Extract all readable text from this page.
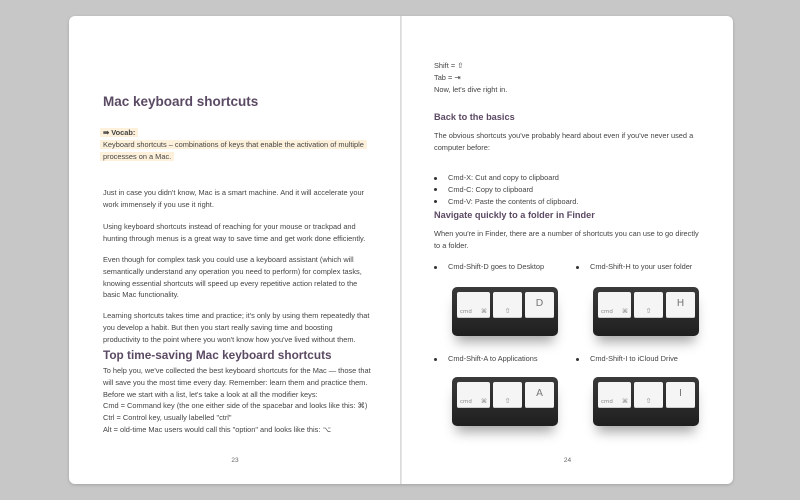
Mac keyboard shortcuts

⇛ Vocab:
Keyboard shortcuts – combinations of keys that enable the activation of multiple
processes on a Mac.
Just in case you didn't know, Mac is a smart machine. And it will accelerate your
work immensely if you use it right.
Using keyboard shortcuts instead of reaching for your mouse or trackpad and
hunting through menus is a great way to save time and get work done efficiently.
Even though for complex task you could use a keyboard assistant (which will
semantically understand any operation you need to perform) for complex tasks,
knowing essential shortcuts will speed up every repetitive action related to the
basic Mac functionality.
Learning shortcuts takes time and practice; it's only by using them repeatedly that
you develop a habit. But then you start really saving time and boosting
productivity to the point where you won't know how you've lived without them.

Top time-saving Mac keyboard shortcuts

To help you, we've collected the best keyboard shortcuts for the Mac — those that
will save you the most time every day. Remember: learn them and practice them.
Before we start with a list, let's take a look at all the modifier keys:
Cmd = Command key (the one either side of the spacebar and looks like this: ⌘)
Ctrl = Control key, usually labelled "ctrl"
Alt = old-time Mac users would call this "option" and looks like this: ⌥
23
Shift = ⇧
Tab = ⇥
Now, let's dive right in.

Back to the basics

The obvious shortcuts you've probably heard about even if you've never used a
computer before:
Cmd-X: Cut and copy to clipboard
Cmd-C: Copy to clipboard
Cmd-V: Paste the contents of clipboard.

Navigate quickly to a folder in Finder

When you're in Finder, there are a number of shortcuts you can use to go directly
to a folder.
Cmd-Shift-D goes to Desktop
cmd ⌘	⇧
D
Cmd-Shift-H to your user folder
cmd ⌘	⇧
H
Cmd-Shift-A to Applications
cmd ⌘	⇧
A
Cmd-Shift-I to iCloud Drive
cmd ⌘	⇧
I
24
